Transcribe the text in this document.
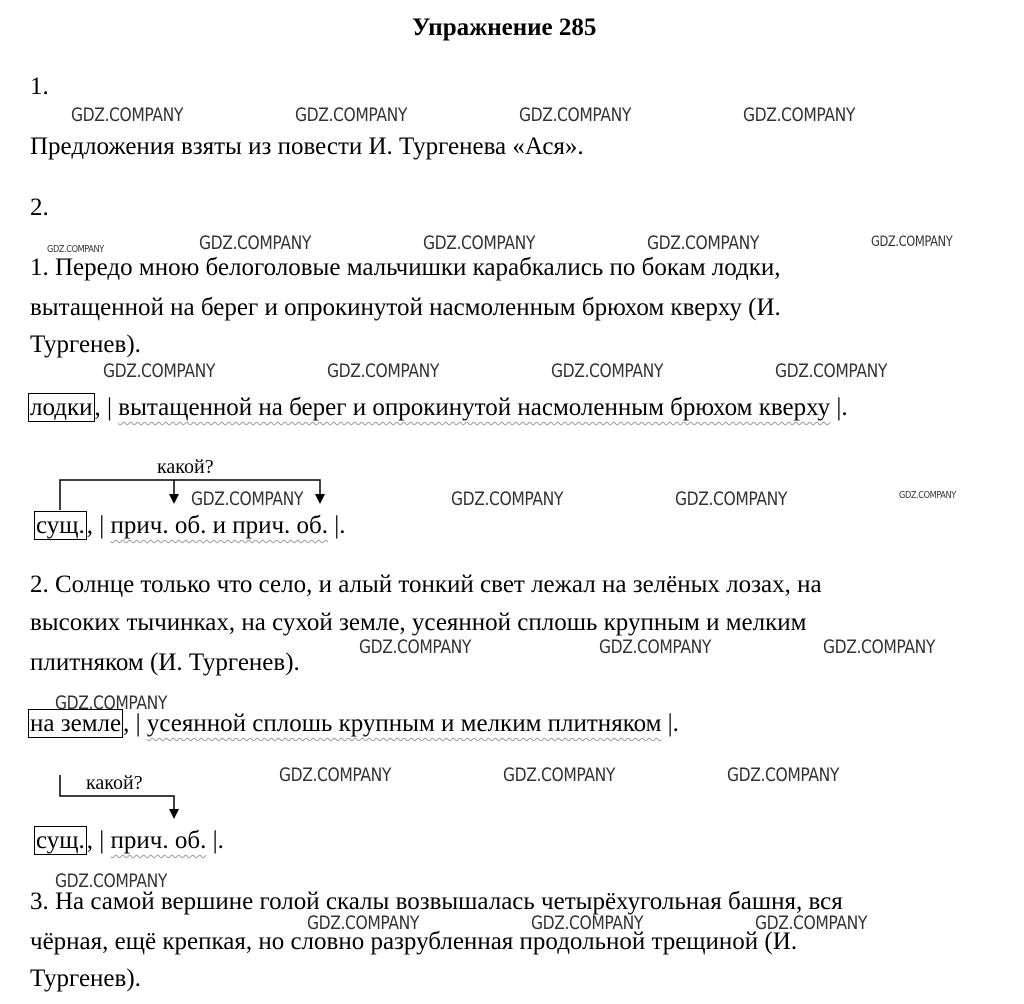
Упражнение 285
1.
Предложения взяты из повести И. Тургенева «Ася».
2.
1. Передо мною белоголовые мальчишки карабкались по бокам лодки,
вытащенной на берег и опрокинутой насмоленным брюхом кверху (И.
Тургенев).
лодки, | вытащенной на берег и опрокинутой насмоленным брюхом кверху |.
какой?
сущ., | прич. об. и прич. об. |.
2. Солнце только что село, и алый тонкий свет лежал на зелёных лозах, на
высоких тычинках, на сухой земле, усеянной сплошь крупным и мелким
плитняком (И. Тургенев).
на земле, | усеянной сплошь крупным и мелким плитняком |.
какой?
сущ., | прич. об. |.
3. На самой вершине голой скалы возвышалась четырёхугольная башня, вся
чёрная, ещё крепкая, но словно разрубленная продольной трещиной (И.
Тургенев).
GDZ.COMPANY	GDZ.COMPANY	GDZ.COMPANY	GDZ.COMPANY
GDZ.COMPANY	GDZ.COMPANY	GDZ.COMPANY	GDZ.COMPANY	GDZ.COMPANY
GDZ.COMPANY	GDZ.COMPANY	GDZ.COMPANY	GDZ.COMPANY
GDZ.COMPANY	GDZ.COMPANY	GDZ.COMPANY	GDZ.COMPANY
GDZ.COMPANY	GDZ.COMPANY	GDZ.COMPANY
GDZ.COMPANY
GDZ.COMPANY	GDZ.COMPANY	GDZ.COMPANY
GDZ.COMPANY
GDZ.COMPANY	GDZ.COMPANY	GDZ.COMPANY
